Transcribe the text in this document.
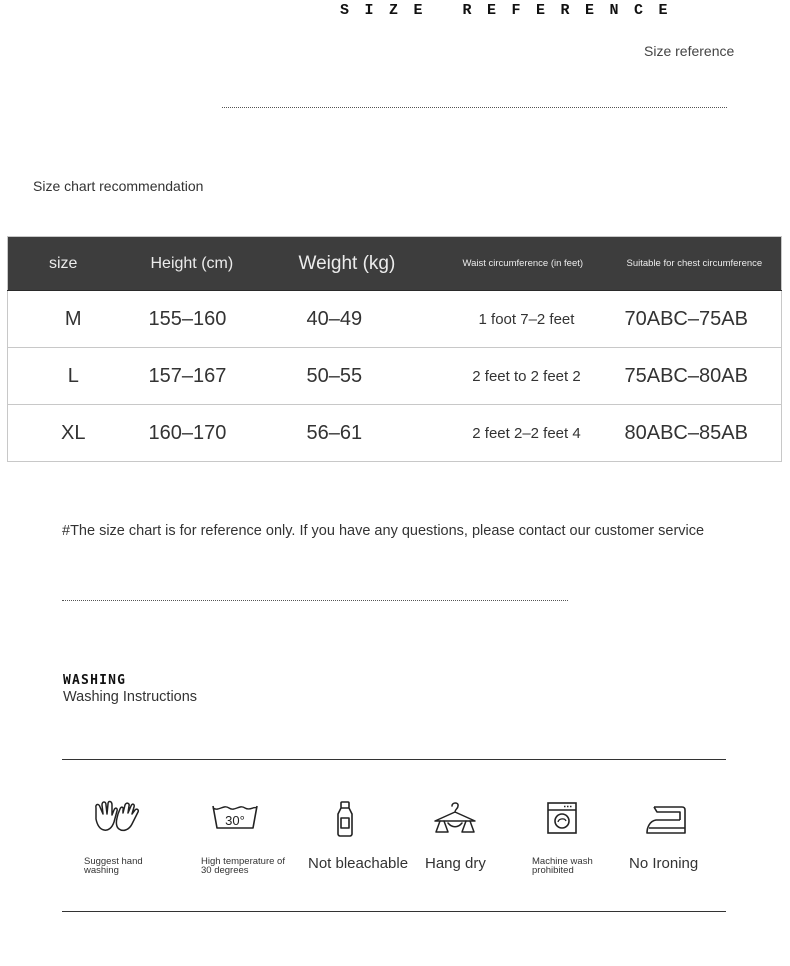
SIZE REFERENCE
Size reference
Size chart recommendation
size	Height (cm)	Weight (kg)	Waist circumference (in feet)	Suitable for chest circumference
M	155–160	40–49	1 foot 7–2 feet	70ABC–75AB
L	157–167	50–55	2 feet to 2 feet 2	75ABC–80AB
XL	160–170	56–61	2 feet 2–2 feet 4	80ABC–85AB
#The size chart is for reference only. If you have any questions, please contact our customer service
WASHING
Washing Instructions
30°
Suggest hand washing
High temperature of 30 degrees	Not bleachable Hang dry	Machine wash prohibited	No Ironing
